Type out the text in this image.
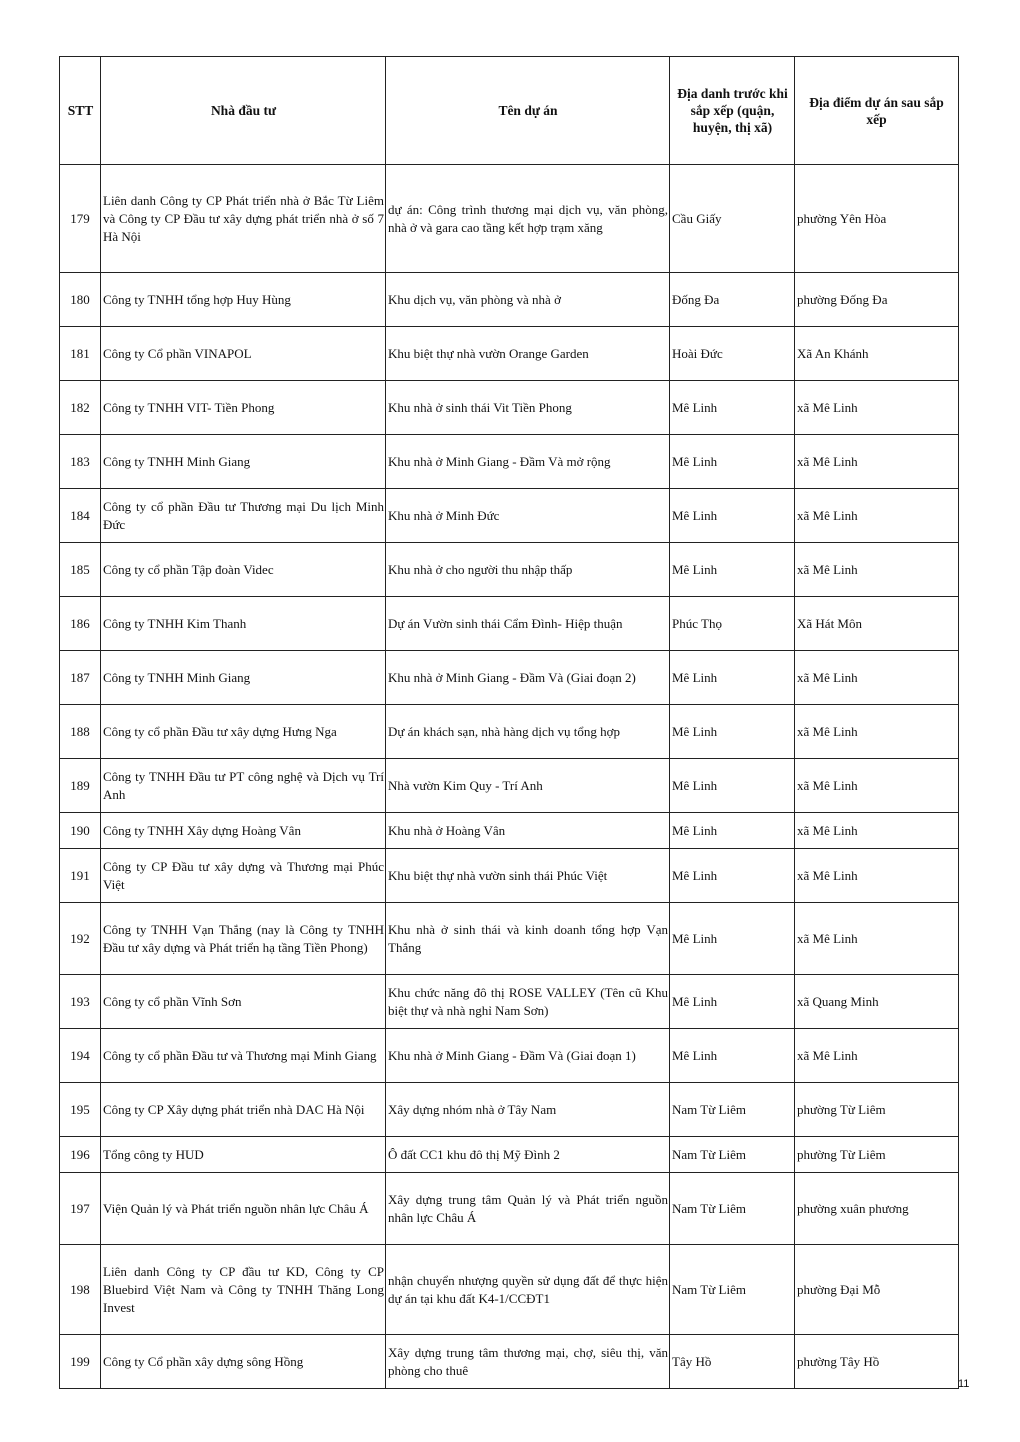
STT	Nhà đầu tư	Tên dự án	Địa danh trước khi sắp xếp (quận, huyện, thị xã)	Địa điểm dự án sau sắp xếp
179	Liên danh Công ty CP Phát triển nhà ở Bắc Từ Liêm và Công ty CP Đầu tư xây dựng phát triển nhà ở số 7 Hà Nội	dự án: Công trình thương mại dịch vụ, văn phòng, nhà ở và gara cao tầng kết hợp trạm xăng	Cầu Giấy	phường Yên Hòa
180	Công ty TNHH tổng hợp Huy Hùng	Khu dịch vụ, văn phòng và nhà ở	Đống Đa	phường Đống Đa
181	Công ty Cổ phần VINAPOL	Khu biệt thự nhà vườn Orange Garden	Hoài Đức	Xã An Khánh
182	Công ty TNHH VIT- Tiền Phong	Khu nhà ở sinh thái Vit Tiền Phong	Mê Linh	xã Mê Linh
183	Công ty TNHH Minh Giang	Khu nhà ở Minh Giang - Đầm Và mở rộng	Mê Linh	xã Mê Linh
184	Công ty cổ phần Đầu tư Thương mại Du lịch Minh Đức	Khu nhà ở Minh Đức	Mê Linh	xã Mê Linh
185	Công ty cổ phần Tập đoàn Videc	Khu nhà ở cho người thu nhập thấp	Mê Linh	xã Mê Linh
186	Công ty TNHH Kim Thanh	Dự án Vườn sinh thái Cẩm Đình- Hiệp thuận	Phúc Thọ	Xã Hát Môn
187	Công ty TNHH Minh Giang	Khu nhà ở Minh Giang - Đầm Và (Giai đoạn 2)	Mê Linh	xã Mê Linh
188	Công ty cổ phần Đầu tư xây dựng Hưng Nga	Dự án khách sạn, nhà hàng dịch vụ tổng hợp	Mê Linh	xã Mê Linh
189	Công ty TNHH Đầu tư PT công nghệ và Dịch vụ Trí Anh	Nhà vườn Kim Quy - Trí Anh	Mê Linh	xã Mê Linh
190	Công ty TNHH Xây dựng Hoàng Vân	Khu nhà ở Hoàng Vân	Mê Linh	xã Mê Linh
191	Công ty CP Đầu tư xây dựng và Thương mại Phúc Việt	Khu biệt thự nhà vườn sinh thái Phúc Việt	Mê Linh	xã Mê Linh
192	Công ty TNHH Vạn Thắng (nay là Công ty TNHH Đầu tư xây dựng và Phát triển hạ tầng Tiền Phong)	Khu nhà ở sinh thái và kinh doanh tổng hợp Vạn Thắng	Mê Linh	xã Mê Linh
193	Công ty cổ phần Vĩnh Sơn	Khu chức năng đô thị ROSE VALLEY (Tên cũ Khu biệt thự và nhà nghỉ Nam Sơn)	Mê Linh	xã Quang Minh
194	Công ty cổ phần Đầu tư và Thương mại Minh Giang	Khu nhà ở Minh Giang - Đầm Và (Giai đoạn 1)	Mê Linh	xã Mê Linh
195	Công ty CP Xây dựng phát triển nhà DAC Hà Nội	Xây dựng nhóm nhà ở Tây Nam	Nam Từ Liêm	phường Từ Liêm
196	Tổng công ty HUD	Ô đất CC1 khu đô thị Mỹ Đình 2	Nam Từ Liêm	phường Từ Liêm
197	Viện Quản lý và Phát triển nguồn nhân lực Châu Á	Xây dựng trung tâm Quản lý và Phát triển nguồn nhân lực Châu Á	Nam Từ Liêm	phường xuân phương
198	Liên danh Công ty CP đầu tư KD, Công ty CP Bluebird Việt Nam và Công ty TNHH Thăng Long Invest	nhận chuyển nhượng quyền sử dụng đất để thực hiện dự án tại khu đất K4-1/CCĐT1	Nam Từ Liêm	phường Đại Mỗ
199	Công ty Cổ phần xây dựng sông Hồng	Xây dựng trung tâm thương mại, chợ, siêu thị, văn phòng cho thuê	Tây Hồ	phường Tây Hồ
11
